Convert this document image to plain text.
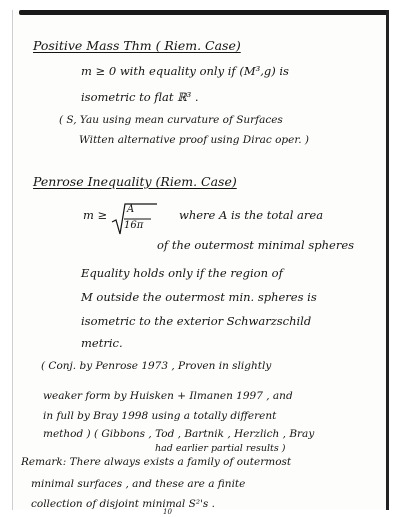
Positive Mass Thm ( Riem. Case)
m ≥ 0 with equality only if (M³,g) is
isometric to flat ℝ³ .
( S, Yau using mean curvature of Surfaces
Witten alternative proof using Dirac oper. )
Penrose Inequality (Riem. Case)
m ≥ A
16π
where A is the total area
of the outermost minimal spheres
Equality holds only if the region of
M outside the outermost min. spheres is
isometric to the exterior Schwarzschild
metric.
( Conj. by Penrose 1973 , Proven in slightly
weaker form by Huisken + Ilmanen 1997 , and
in full by Bray 1998 using a totally different
method ) ( Gibbons , Tod , Bartnik , Herzlich , Bray
had earlier partial results )
Remark: There always exists a family of outermost
minimal surfaces , and these are a finite
collection of disjoint minimal S²'s .
10
